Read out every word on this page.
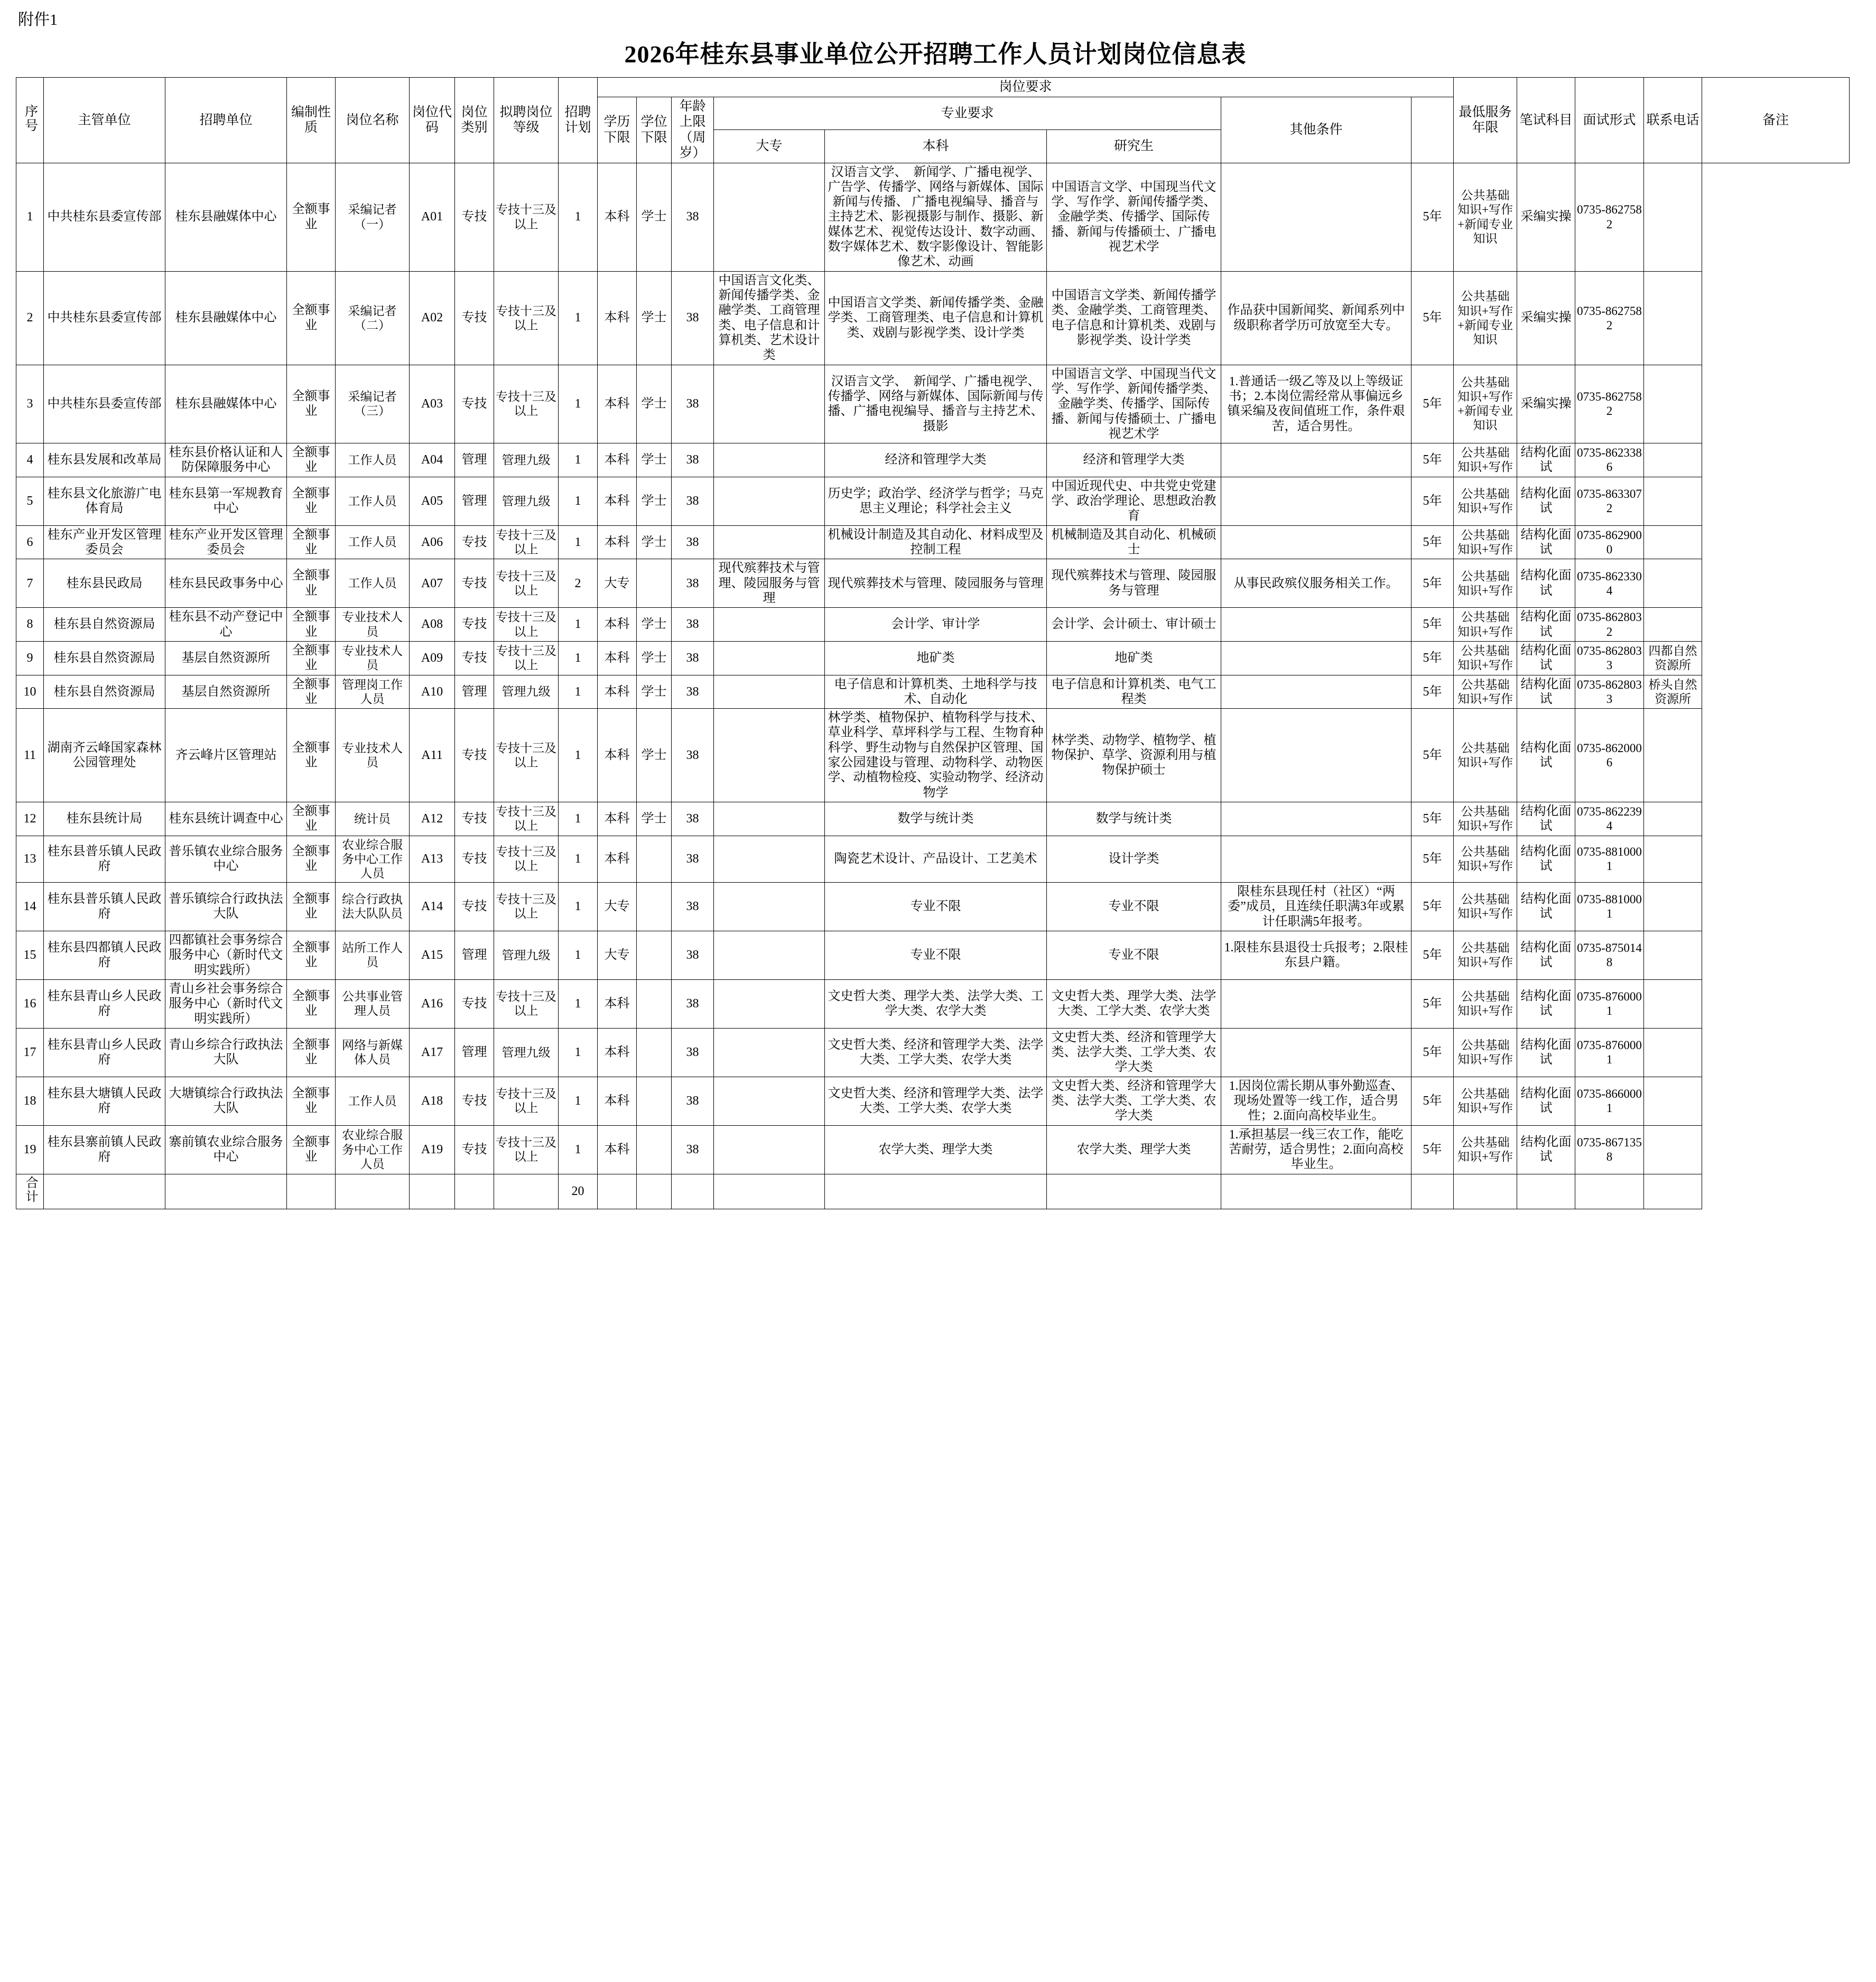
附件1
2026年桂东县事业单位公开招聘工作人员计划岗位信息表
序号	主管单位	招聘单位	编制性质	岗位名称	岗位代码	岗位类别	拟聘岗位等级	招聘计划	岗位要求								最低服务年限	笔试科目	面试形式	联系电话	备注
									学历下限	学位下限	年龄上限（周岁）	专业要求			其他条件						
												大专	本科	研究生							
1	中共桂东县委宣传部	桂东县融媒体中心	全额事业	采编记者（一）	A01	专技	专技十三及以上	1	本科	学士	38		汉语言文学、　新闻学、广播电视学、广告学、传播学、网络与新媒体、国际新闻与传播、 广播电视编导、播音与主持艺术、影视摄影与制作、摄影、新媒体艺术、视觉传达设计、数字动画、数字媒体艺术、数字影像设计、智能影像艺术、动画	中国语言文学、中国现当代文学、写作学、新闻传播学类、金融学类、传播学、国际传播、新闻与传播硕士、广播电视艺术学		5年	公共基础知识+写作+新闻专业知识	采编实操	0735-8627582		
2	中共桂东县委宣传部	桂东县融媒体中心	全额事业	采编记者（二）	A02	专技	专技十三及以上	1	本科	学士	38	中国语言文化类、新闻传播学类、金融学类、工商管理类、电子信息和计算机类、艺术设计类	中国语言文学类、新闻传播学类、金融学类、工商管理类、电子信息和计算机类、戏剧与影视学类、设计学类	中国语言文学类、新闻传播学类、金融学类、工商管理类、电子信息和计算机类、戏剧与影视学类、设计学类	作品获中国新闻奖、新闻系列中级职称者学历可放宽至大专。	5年	公共基础知识+写作+新闻专业知识	采编实操	0735-8627582		
3	中共桂东县委宣传部	桂东县融媒体中心	全额事业	采编记者（三）	A03	专技	专技十三及以上	1	本科	学士	38		汉语言文学、　新闻学、广播电视学、传播学、网络与新媒体、国际新闻与传播、广播电视编导、播音与主持艺术、摄影	中国语言文学、中国现当代文学、写作学、新闻传播学类、金融学类、传播学、国际传播、新闻与传播硕士、广播电视艺术学	1.普通话一级乙等及以上等级证书；2.本岗位需经常从事偏远乡镇采编及夜间值班工作，条件艰苦，适合男性。	5年	公共基础知识+写作+新闻专业知识	采编实操	0735-8627582		
4	桂东县发展和改革局	桂东县价格认证和人防保障服务中心	全额事业	工作人员	A04	管理	管理九级	1	本科	学士	38		经济和管理学大类	经济和管理学大类		5年	公共基础知识+写作	结构化面试	0735-8623386		
5	桂东县文化旅游广电体育局	桂东县第一军规教育中心	全额事业	工作人员	A05	管理	管理九级	1	本科	学士	38		历史学；政治学、经济学与哲学；马克思主义理论；科学社会主义	中国近现代史、中共党史党建学、政治学理论、思想政治教育		5年	公共基础知识+写作	结构化面试	0735-8633072		
6	桂东产业开发区管理委员会	桂东产业开发区管理委员会	全额事业	工作人员	A06	专技	专技十三及以上	1	本科	学士	38		机械设计制造及其自动化、材料成型及控制工程	机械制造及其自动化、机械硕士		5年	公共基础知识+写作	结构化面试	0735-8629000		
7	桂东县民政局	桂东县民政事务中心	全额事业	工作人员	A07	专技	专技十三及以上	2	大专		38	现代殡葬技术与管理、陵园服务与管理	现代殡葬技术与管理、陵园服务与管理	现代殡葬技术与管理、陵园服务与管理	从事民政殡仪服务相关工作。	5年	公共基础知识+写作	结构化面试	0735-8623304		
8	桂东县自然资源局	桂东县不动产登记中心	全额事业	专业技术人员	A08	专技	专技十三及以上	1	本科	学士	38		会计学、审计学	会计学、会计硕士、审计硕士		5年	公共基础知识+写作	结构化面试	0735-8628032		
9	桂东县自然资源局	基层自然资源所	全额事业	专业技术人员	A09	专技	专技十三及以上	1	本科	学士	38		地矿类	地矿类		5年	公共基础知识+写作	结构化面试	0735-8628033	四都自然资源所	
10	桂东县自然资源局	基层自然资源所	全额事业	管理岗工作人员	A10	管理	管理九级	1	本科	学士	38		电子信息和计算机类、土地科学与技术、自动化	电子信息和计算机类、电气工程类		5年	公共基础知识+写作	结构化面试	0735-8628033	桥头自然资源所	
11	湖南齐云峰国家森林公园管理处	齐云峰片区管理站	全额事业	专业技术人员	A11	专技	专技十三及以上	1	本科	学士	38		林学类、植物保护、植物科学与技术、草业科学、草坪科学与工程、生物育种科学、野生动物与自然保护区管理、国家公园建设与管理、动物科学、动物医学、动植物检疫、实验动物学、经济动物学	林学类、动物学、植物学、植物保护、草学、资源利用与植物保护硕士		5年	公共基础知识+写作	结构化面试	0735-8620006		
12	桂东县统计局	桂东县统计调查中心	全额事业	统计员	A12	专技	专技十三及以上	1	本科	学士	38		数学与统计类	数学与统计类		5年	公共基础知识+写作	结构化面试	0735-8622394		
13	桂东县普乐镇人民政府	普乐镇农业综合服务中心	全额事业	农业综合服务中心工作人员	A13	专技	专技十三及以上	1	本科		38		陶瓷艺术设计、产品设计、工艺美术	设计学类		5年	公共基础知识+写作	结构化面试	0735-8810001		
14	桂东县普乐镇人民政府	普乐镇综合行政执法大队	全额事业	综合行政执法大队队员	A14	专技	专技十三及以上	1	大专		38		专业不限	专业不限	限桂东县现任村（社区）“两委”成员，且连续任职满3年或累计任职满5年报考。	5年	公共基础知识+写作	结构化面试	0735-8810001		
15	桂东县四都镇人民政府	四都镇社会事务综合服务中心（新时代文明实践所）	全额事业	站所工作人员	A15	管理	管理九级	1	大专		38		专业不限	专业不限	1.限桂东县退役士兵报考；2.限桂东县户籍。	5年	公共基础知识+写作	结构化面试	0735-8750148		
16	桂东县青山乡人民政府	青山乡社会事务综合服务中心（新时代文明实践所）	全额事业	公共事业管理人员	A16	专技	专技十三及以上	1	本科		38		文史哲大类、理学大类、法学大类、工学大类、农学大类	文史哲大类、理学大类、法学大类、工学大类、农学大类		5年	公共基础知识+写作	结构化面试	0735-8760001		
17	桂东县青山乡人民政府	青山乡综合行政执法大队	全额事业	网络与新媒体人员	A17	管理	管理九级	1	本科		38		文史哲大类、经济和管理学大类、法学大类、工学大类、农学大类	文史哲大类、经济和管理学大类、法学大类、工学大类、农学大类		5年	公共基础知识+写作	结构化面试	0735-8760001		
18	桂东县大塘镇人民政府	大塘镇综合行政执法大队	全额事业	工作人员	A18	专技	专技十三及以上	1	本科		38		文史哲大类、经济和管理学大类、法学大类、工学大类、农学大类	文史哲大类、经济和管理学大类、法学大类、工学大类、农学大类	1.因岗位需长期从事外勤巡查、现场处置等一线工作，适合男性；2.面向高校毕业生。	5年	公共基础知识+写作	结构化面试	0735-8660001		
19	桂东县寨前镇人民政府	寨前镇农业综合服务中心	全额事业	农业综合服务中心工作人员	A19	专技	专技十三及以上	1	本科		38		农学大类、理学大类	农学大类、理学大类	1.承担基层一线三农工作，能吃苦耐劳，适合男性；2.面向高校毕业生。	5年	公共基础知识+写作	结构化面试	0735-8671358		
合计								20													
